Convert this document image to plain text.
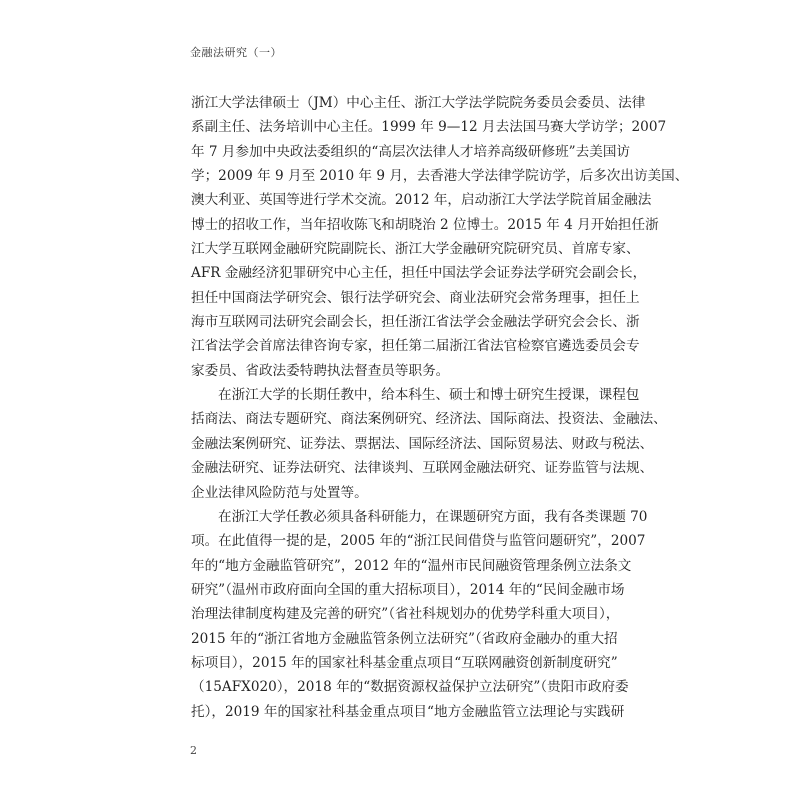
金融法研究（一）
浙江大学法律硕士（JM）中心主任、浙江大学法学院院务委员会委员、法律
系副主任、法务培训中心主任。1999 年 9—12 月去法国马赛大学访学；2007
年 7 月参加中央政法委组织的“高层次法律人才培养高级研修班”去美国访
学；2009 年 9 月至 2010 年 9 月，去香港大学法律学院访学，后多次出访美国、
澳大利亚、英国等进行学术交流。2012 年，启动浙江大学法学院首届金融法
博士的招收工作，当年招收陈飞和胡晓治 2 位博士。2015 年 4 月开始担任浙
江大学互联网金融研究院副院长、浙江大学金融研究院研究员、首席专家、
AFR 金融经济犯罪研究中心主任，担任中国法学会证券法学研究会副会长，
担任中国商法学研究会、银行法学研究会、商业法研究会常务理事，担任上
海市互联网司法研究会副会长，担任浙江省法学会金融法学研究会会长、浙
江省法学会首席法律咨询专家，担任第二届浙江省法官检察官遴选委员会专
家委员、省政法委特聘执法督查员等职务。
在浙江大学的长期任教中，给本科生、硕士和博士研究生授课，课程包
括商法、商法专题研究、商法案例研究、经济法、国际商法、投资法、金融法、
金融法案例研究、证券法、票据法、国际经济法、国际贸易法、财政与税法、
金融法研究、证券法研究、法律谈判、互联网金融法研究、证券监管与法规、
企业法律风险防范与处置等。
在浙江大学任教必须具备科研能力，在课题研究方面，我有各类课题 70
项。在此值得一提的是，2005 年的“浙江民间借贷与监管问题研究”，2007
年的“地方金融监管研究”，2012 年的“温州市民间融资管理条例立法条文
研究”（温州市政府面向全国的重大招标项目），2014 年的“民间金融市场
治理法律制度构建及完善的研究”（省社科规划办的优势学科重大项目），
2015 年的“浙江省地方金融监管条例立法研究”（省政府金融办的重大招
标项目），2015 年的国家社科基金重点项目“互联网融资创新制度研究”
（15AFX020），2018 年的“数据资源权益保护立法研究”（贵阳市政府委
托），2019 年的国家社科基金重点项目“地方金融监管立法理论与实践研
2
